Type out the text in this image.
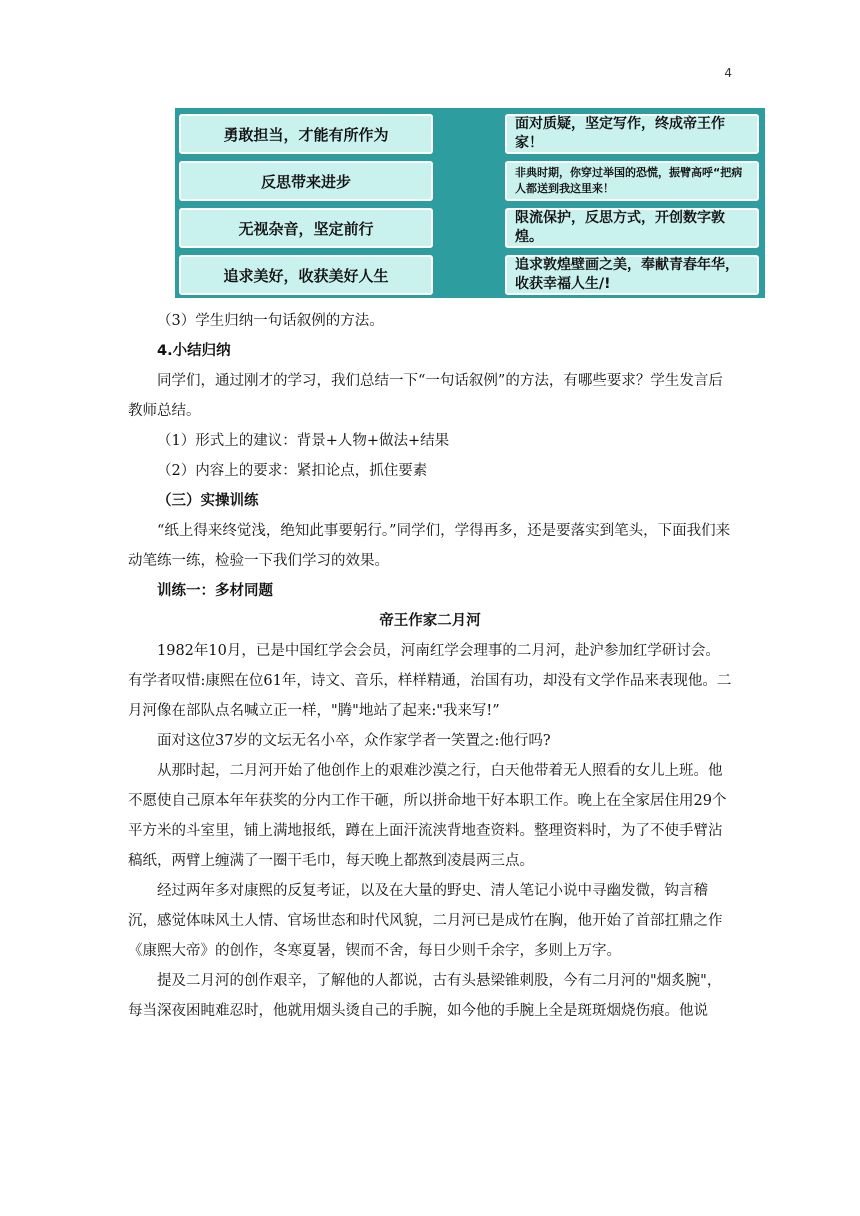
4
勇敢担当，才能有所作为
面对质疑，坚定写作，终成帝王作家！
反思带来进步	非典时期，你穿过举国的恐慌，振臂高呼“把病人都送到我这里来！
无视杂音，坚定前行
限流保护，反思方式，开创数字敦煌。
追求美好，收获美好人生
追求敦煌壁画之美，奉献青春年华，收获幸福人生/!

（3）学生归纳一句话叙例的方法。

4.小结归纳

同学们，通过刚才的学习，我们总结一下“一句话叙例”的方法，有哪些要求？学生发言后教师总结。

（1）形式上的建议：背景+人物+做法+结果

（2）内容上的要求：紧扣论点，抓住要素

（三）实操训练

“纸上得来终觉浅，绝知此事要躬行。”同学们，学得再多，还是要落实到笔头，下面我们来动笔练一练，检验一下我们学习的效果。

训练一：多材同题

帝王作家二月河

1982年10月，已是中国红学会会员，河南红学会理事的二月河，赴沪参加红学研讨会。有学者叹惜:康熙在位61年，诗文、音乐，样样精通，治国有功，却没有文学作品来表现他。二月河像在部队点名喊立正一样，"腾"地站了起来:"我来写!”

面对这位37岁的文坛无名小卒，众作家学者一笑置之:他行吗?

从那时起，二月河开始了他创作上的艰难沙漠之行，白天他带着无人照看的女儿上班。他不愿使自己原本年年获奖的分内工作干砸，所以拼命地干好本职工作。晚上在全家居住用29个平方米的斗室里，铺上满地报纸，蹲在上面汗流浃背地查资料。整理资料时，为了不使手臂沾稿纸，两臂上缠满了一圈干毛巾，每天晚上都熬到凌晨两三点。

经过两年多对康熙的反复考证，以及在大量的野史、清人笔记小说中寻幽发微，钩言稽沉，感觉体味风土人情、官场世态和时代风貌，二月河已是成竹在胸，他开始了首部扛鼎之作《康熙大帝》的创作，冬寒夏暑，锲而不舍，每日少则千余字，多则上万字。

提及二月河的创作艰辛，了解他的人都说，古有头悬梁锥刺股，今有二月河的"烟炙腕"，每当深夜困盹难忍时，他就用烟头烫自己的手腕，如今他的手腕上全是斑斑烟烧伤痕。他说
